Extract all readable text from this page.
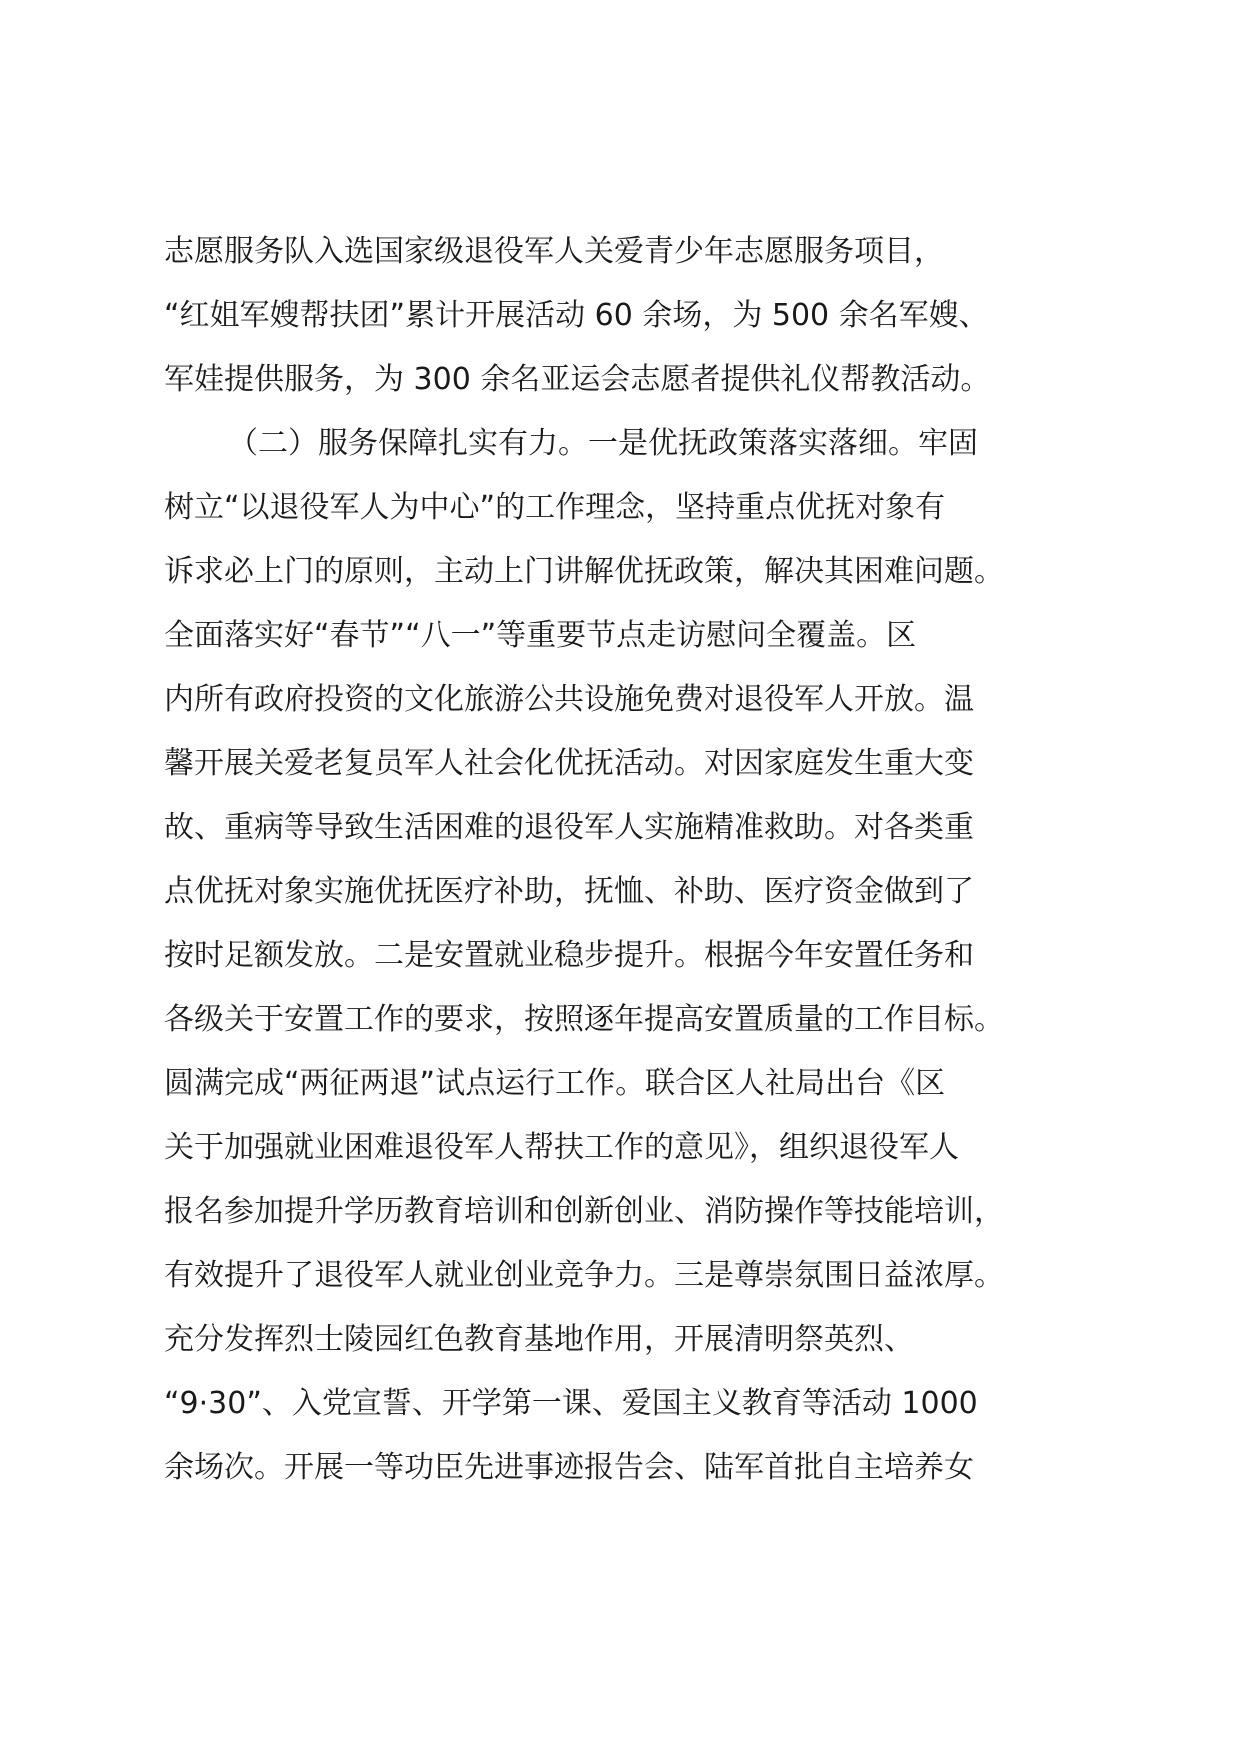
志愿服务队入选国家级退役军人关爱青少年志愿服务项目，
“红姐军嫂帮扶团”累计开展活动 60 余场，为 500 余名军嫂、
军娃提供服务，为 300 余名亚运会志愿者提供礼仪帮教活动。
（二）服务保障扎实有力。一是优抚政策落实落细。牢固
树立“以退役军人为中心”的工作理念，坚持重点优抚对象有
诉求必上门的原则，主动上门讲解优抚政策，解决其困难问题。
全面落实好“春节”“八一”等重要节点走访慰问全覆盖。区
内所有政府投资的文化旅游公共设施免费对退役军人开放。温
馨开展关爱老复员军人社会化优抚活动。对因家庭发生重大变
故、重病等导致生活困难的退役军人实施精准救助。对各类重
点优抚对象实施优抚医疗补助，抚恤、补助、医疗资金做到了
按时足额发放。二是安置就业稳步提升。根据今年安置任务和
各级关于安置工作的要求，按照逐年提高安置质量的工作目标。
圆满完成“两征两退”试点运行工作。联合区人社局出台《区
关于加强就业困难退役军人帮扶工作的意见》，组织退役军人
报名参加提升学历教育培训和创新创业、消防操作等技能培训，
有效提升了退役军人就业创业竞争力。三是尊崇氛围日益浓厚。
充分发挥烈士陵园红色教育基地作用，开展清明祭英烈、
“9·30”、入党宣誓、开学第一课、爱国主义教育等活动 1000
余场次。开展一等功臣先进事迹报告会、陆军首批自主培养女
